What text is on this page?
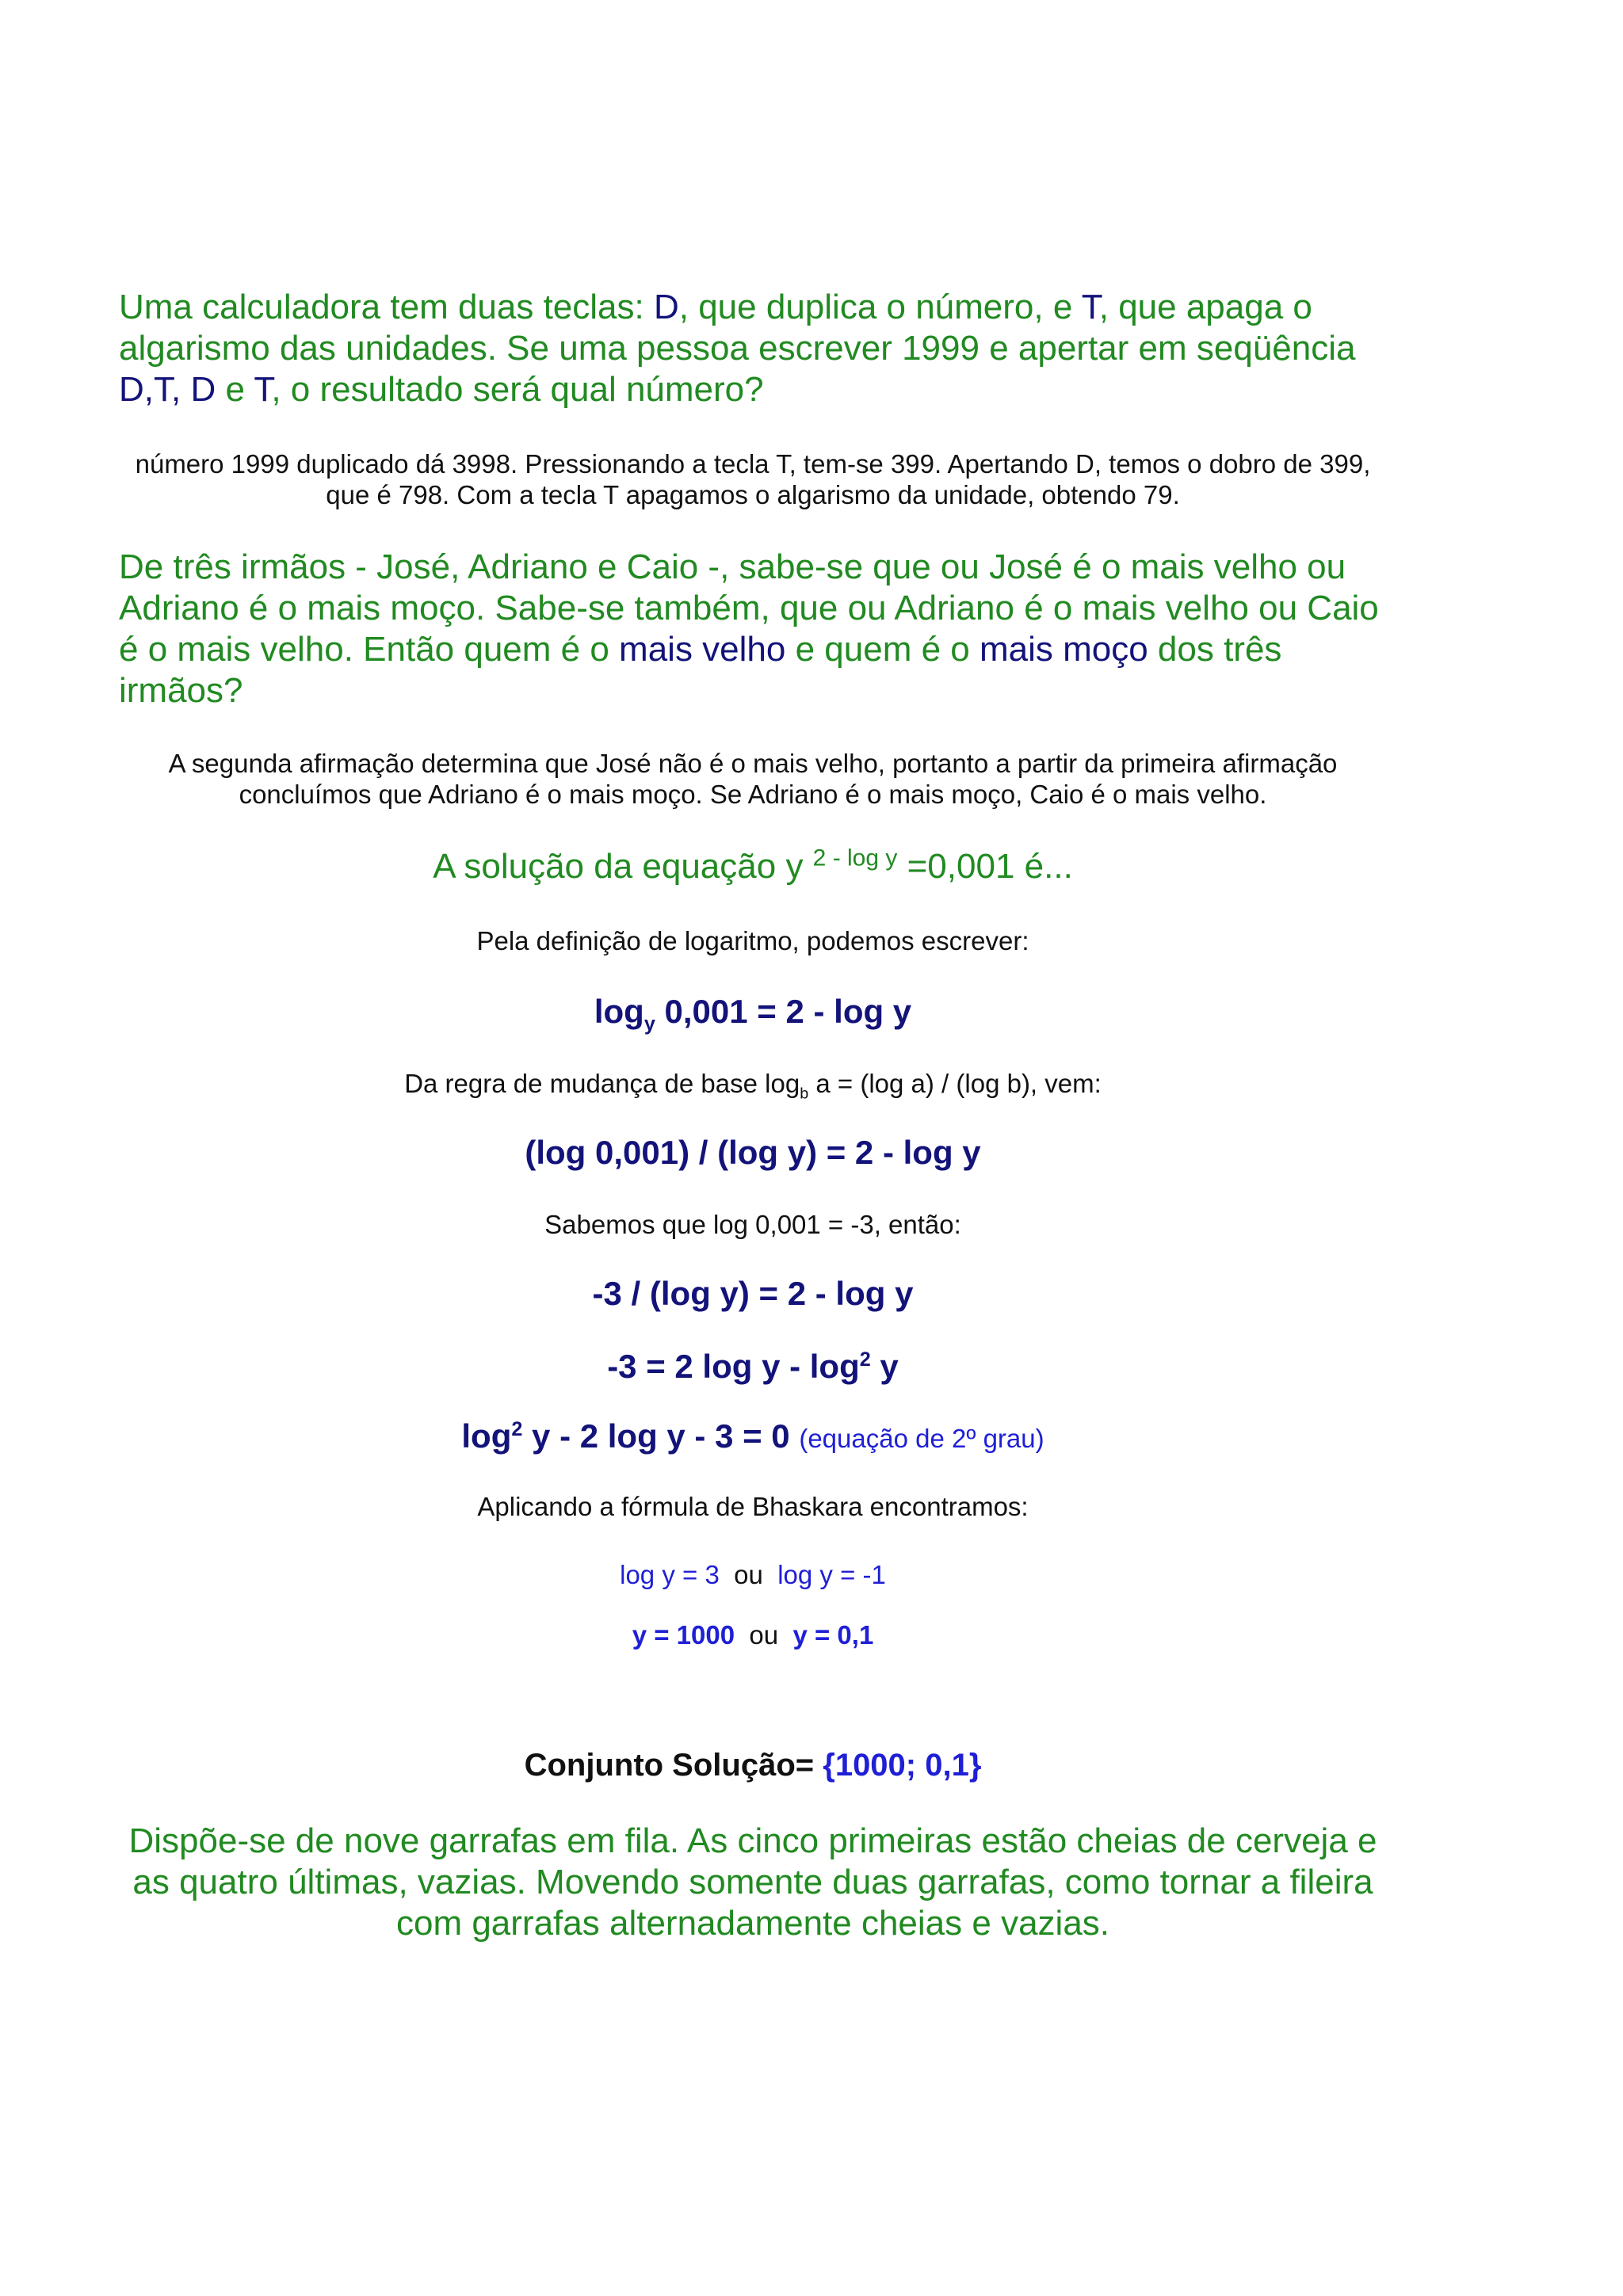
Uma calculadora tem duas teclas: D, que duplica o número, e T, que apaga o algarismo das unidades. Se uma pessoa escrever 1999 e apertar em seqüência D,T, D e T, o resultado será qual número?

número 1999 duplicado dá 3998. Pressionando a tecla T, tem-se 399. Apertando D, temos o dobro de 399, que é 798. Com a tecla T apagamos o algarismo da unidade, obtendo 79.

De três irmãos - José, Adriano e Caio -, sabe-se que ou José é o mais velho ou Adriano é o mais moço. Sabe-se também, que ou Adriano é o mais velho ou Caio é o mais velho. Então quem é o mais velho e quem é o mais moço dos três irmãos?

A segunda afirmação determina que José não é o mais velho, portanto a partir da primeira afirmação concluímos que Adriano é o mais moço. Se Adriano é o mais moço, Caio é o mais velho.

A solução da equação y $^{2 - log y}$ =0,001 é...

Pela definição de logaritmo, podemos escrever:

$\log_y 0,001 = 2 - \log y$

Da regra de mudança de base $\log_b a = (\log$ a) / (log b), vem:

(log 0,001) / (log y) = 2 - log y

Sabemos que log 0,001 = -3, então:

-3 / (log y) = 2 - log y

-3 = 2 log y - $\log^2 y$

$\log^2 y - 2$ log y - 3 = 0 (equação de 2º grau)

Aplicando a fórmula de Bhaskara encontramos:

log y = 3 ou log y = -1

y = 1000 ou y = 0,1

Conjunto Solução= {1000; 0,1}

Dispõe-se de nove garrafas em fila. As cinco primeiras estão cheias de cerveja e as quatro últimas, vazias. Movendo somente duas garrafas, como tornar a fileira com garrafas alternadamente cheias e vazias.
